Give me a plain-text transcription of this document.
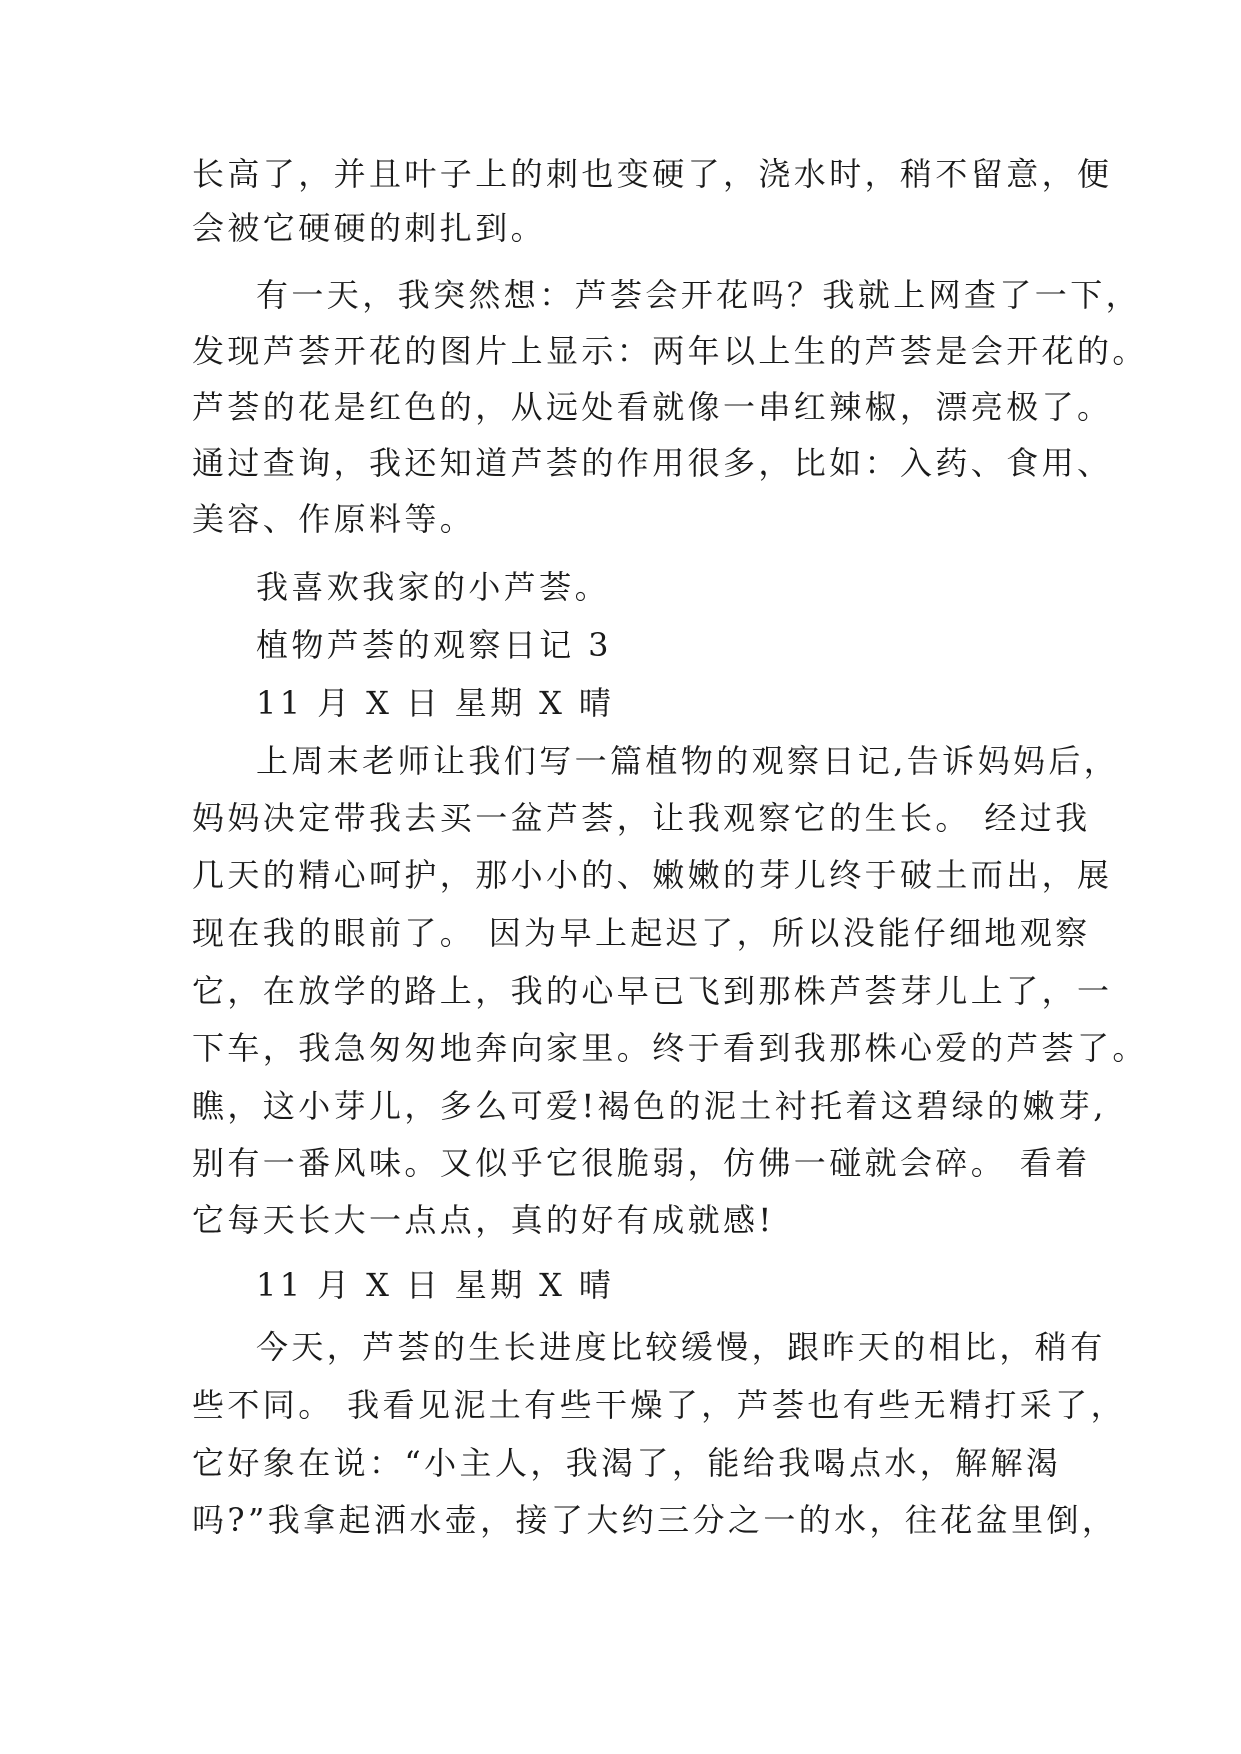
长高了，并且叶子上的刺也变硬了，浇水时，稍不留意，便
会被它硬硬的刺扎到。
有一天，我突然想：芦荟会开花吗？我就上网查了一下，
发现芦荟开花的图片上显示：两年以上生的芦荟是会开花的。
芦荟的花是红色的，从远处看就像一串红辣椒，漂亮极了。
通过查询，我还知道芦荟的作用很多，比如：入药、食用、
美容、作原料等。
我喜欢我家的小芦荟。
植物芦荟的观察日记 3
11 月 X 日 星期 X 晴
上周末老师让我们写一篇植物的观察日记,告诉妈妈后，
妈妈决定带我去买一盆芦荟，让我观察它的生长。 经过我
几天的精心呵护，那小小的、嫩嫩的芽儿终于破土而出，展
现在我的眼前了。 因为早上起迟了，所以没能仔细地观察
它，在放学的路上，我的心早已飞到那株芦荟芽儿上了，一
下车，我急匆匆地奔向家里。终于看到我那株心爱的芦荟了。
瞧，这小芽儿，多么可爱!褐色的泥土衬托着这碧绿的嫩芽,
别有一番风味。又似乎它很脆弱，仿佛一碰就会碎。 看着
它每天长大一点点，真的好有成就感!
11 月 X 日 星期 X 晴
今天，芦荟的生长进度比较缓慢，跟昨天的相比，稍有
些不同。 我看见泥土有些干燥了，芦荟也有些无精打采了，
它好象在说：“小主人，我渴了，能给我喝点水，解解渴
吗?”我拿起洒水壶，接了大约三分之一的水，往花盆里倒，
